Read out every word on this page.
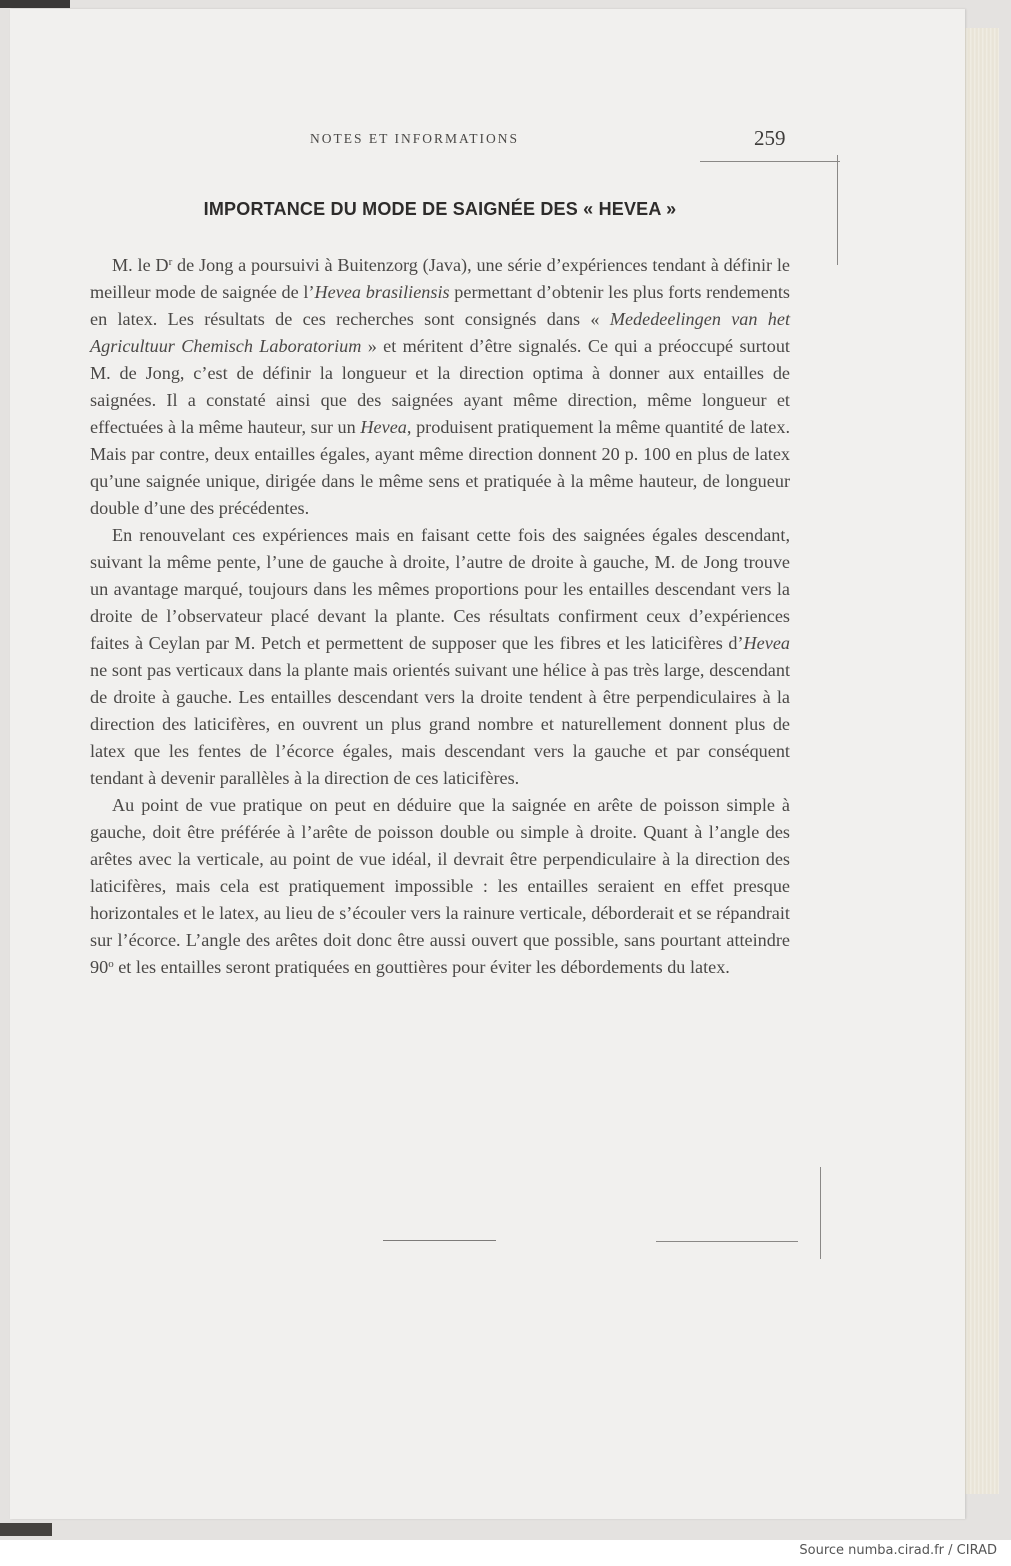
NOTES ET INFORMATIONS	259
IMPORTANCE DU MODE DE SAIGNÉE DES « HEVEA »

M. le $D^r$ de Jong a poursuivi à Buitenzorg (Java), une série d’expériences tendant à définir le meilleur mode de saignée de l’Hevea brasiliensis permettant d’obtenir les plus forts rendements en latex. Les résultats de ces recherches sont consignés dans « Mededeelingen van het Agricultuur Chemisch Laboratorium » et méritent d’être signalés. Ce qui a préoccupé surtout M. de Jong, c’est de définir la longueur et la direction optima à donner aux entailles de saignées. Il a constaté ainsi que des saignées ayant même direction, même longueur et effectuées à la même hauteur, sur un Hevea, produisent pratiquement la même quantité de latex. Mais par contre, deux entailles égales, ayant même direction donnent 20 p. 100 en plus de latex qu’une saignée unique, dirigée dans le même sens et pratiquée à la même hauteur, de longueur double d’une des précédentes.

En renouvelant ces expériences mais en faisant cette fois des saignées égales descendant, suivant la même pente, l’une de gauche à droite, l’autre de droite à gauche, M. de Jong trouve un avantage marqué, toujours dans les mêmes proportions pour les entailles descendant vers la droite de l’observateur placé devant la plante. Ces résultats confirment ceux d’expériences faites à Ceylan par M. Petch et permettent de supposer que les fibres et les laticifères d’Hevea ne sont pas verticaux dans la plante mais orientés suivant une hélice à pas très large, descendant de droite à gauche. Les entailles descendant vers la droite tendent à être perpendiculaires à la direction des laticifères, en ouvrent un plus grand nombre et naturellement donnent plus de latex que les fentes de l’écorce égales, mais descendant vers la gauche et par conséquent tendant à devenir parallèles à la direction de ces laticifères.

Au point de vue pratique on peut en déduire que la saignée en arête de poisson simple à gauche, doit être préférée à l’arête de poisson double ou simple à droite. Quant à l’angle des arêtes avec la verticale, au point de vue idéal, il devrait être perpendiculaire à la direction des laticifères, mais cela est pratiquement impossible : les entailles seraient en effet presque horizontales et le latex, au lieu de s’écouler vers la rainure verticale, déborderait et se répandrait sur l’écorce. L’angle des arêtes doit donc être aussi ouvert que possible, sans pourtant atteindre 90$^o$ et les entailles seront pratiquées en gouttières pour éviter les débordements du latex.

Source numba.cirad.fr / CIRAD
